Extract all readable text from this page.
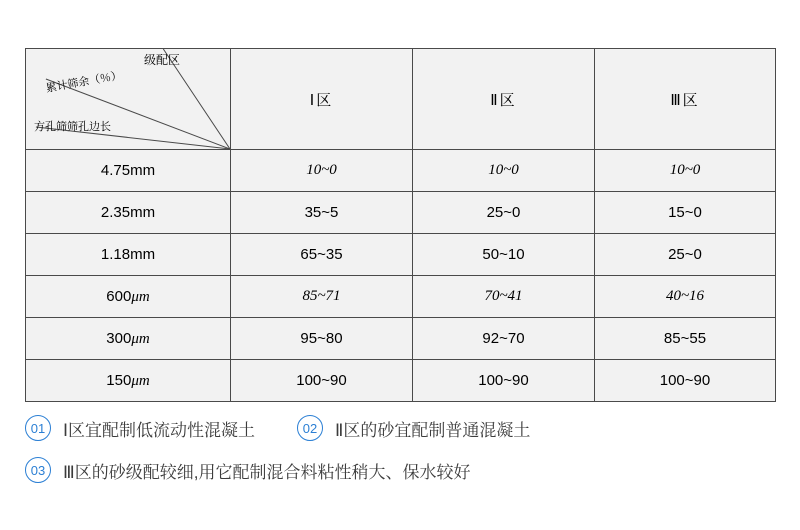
级配区
累计筛余（％）
方孔筛筛孔边长	Ⅰ区	Ⅱ区	Ⅲ区
4.75mm	10~0	10~0	10~0
2.35mm	35~5	25~0	15~0
1.18mm	65~35	50~10	25~0
600μm	85~71	70~41	40~16
300μm	95~80	92~70	85~55
150μm	100~90	100~90	100~90
01	Ⅰ区宜配制低流动性混凝土	02	Ⅱ区的砂宜配制普通混凝土
03	Ⅲ区的砂级配较细,用它配制混合料粘性稍大、保水较好
